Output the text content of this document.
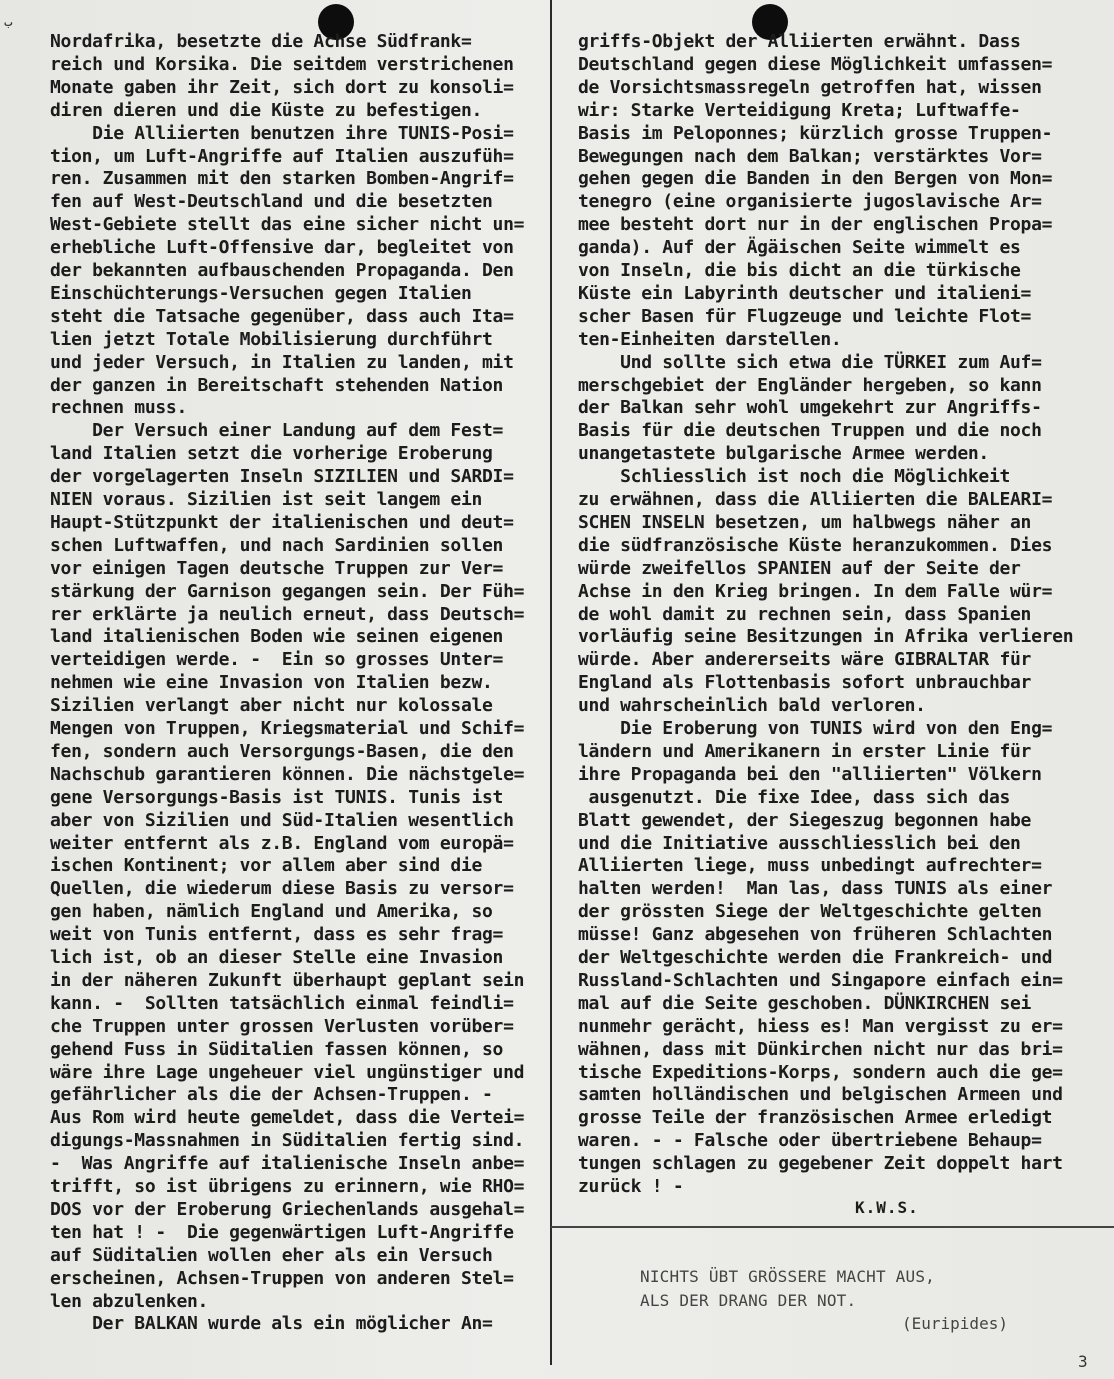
ب
Nordafrika, besetzte die Achse Südfrank=
reich und Korsika. Die seitdem verstrichenen
Monate gaben ihr Zeit, sich dort zu konsoli=
diren dieren und die Küste zu befestigen.
Die Alliierten benutzen ihre TUNIS-Posi=
tion, um Luft-Angriffe auf Italien auszufüh=
ren. Zusammen mit den starken Bomben-Angrif=
fen auf West-Deutschland und die besetzten
West-Gebiete stellt das eine sicher nicht un=
erhebliche Luft-Offensive dar, begleitet von
der bekannten aufbauschenden Propaganda. Den
Einschüchterungs-Versuchen gegen Italien
steht die Tatsache gegenüber, dass auch Ita=
lien jetzt Totale Mobilisierung durchführt
und jeder Versuch, in Italien zu landen, mit
der ganzen in Bereitschaft stehenden Nation
rechnen muss.
Der Versuch einer Landung auf dem Fest=
land Italien setzt die vorherige Eroberung
der vorgelagerten Inseln SIZILIEN und SARDI=
NIEN voraus. Sizilien ist seit langem ein
Haupt-Stützpunkt der italienischen und deut=
schen Luftwaffen, und nach Sardinien sollen
vor einigen Tagen deutsche Truppen zur Ver=
stärkung der Garnison gegangen sein. Der Füh=
rer erklärte ja neulich erneut, dass Deutsch=
land italienischen Boden wie seinen eigenen
verteidigen werde. -  Ein so grosses Unter=
nehmen wie eine Invasion von Italien bezw.
Sizilien verlangt aber nicht nur kolossale
Mengen von Truppen, Kriegsmaterial und Schif=
fen, sondern auch Versorgungs-Basen, die den
Nachschub garantieren können. Die nächstgele=
gene Versorgungs-Basis ist TUNIS. Tunis ist
aber von Sizilien und Süd-Italien wesentlich
weiter entfernt als z.B. England vom europä=
ischen Kontinent; vor allem aber sind die
Quellen, die wiederum diese Basis zu versor=
gen haben, nämlich England und Amerika, so
weit von Tunis entfernt, dass es sehr frag=
lich ist, ob an dieser Stelle eine Invasion
in der näheren Zukunft überhaupt geplant sein
kann. -  Sollten tatsächlich einmal feindli=
che Truppen unter grossen Verlusten vorüber=
gehend Fuss in Süditalien fassen können, so
wäre ihre Lage ungeheuer viel ungünstiger und
gefährlicher als die der Achsen-Truppen. -
Aus Rom wird heute gemeldet, dass die Vertei=
digungs-Massnahmen in Süditalien fertig sind.
-  Was Angriffe auf italienische Inseln anbe=
trifft, so ist übrigens zu erinnern, wie RHO=
DOS vor der Eroberung Griechenlands ausgehal=
ten hat ! -  Die gegenwärtigen Luft-Angriffe
auf Süditalien wollen eher als ein Versuch
erscheinen, Achsen-Truppen von anderen Stel=
len abzulenken.
Der BALKAN wurde als ein möglicher An=
griffs-Objekt der Alliierten erwähnt. Dass
Deutschland gegen diese Möglichkeit umfassen=
de Vorsichtsmassregeln getroffen hat, wissen
wir: Starke Verteidigung Kreta; Luftwaffe-
Basis im Peloponnes; kürzlich grosse Truppen-
Bewegungen nach dem Balkan; verstärktes Vor=
gehen gegen die Banden in den Bergen von Mon=
tenegro (eine organisierte jugoslavische Ar=
mee besteht dort nur in der englischen Propa=
ganda). Auf der Ägäischen Seite wimmelt es
von Inseln, die bis dicht an die türkische
Küste ein Labyrinth deutscher und italieni=
scher Basen für Flugzeuge und leichte Flot=
ten-Einheiten darstellen.
Und sollte sich etwa die TÜRKEI zum Auf=
merschgebiet der Engländer hergeben, so kann
der Balkan sehr wohl umgekehrt zur Angriffs-
Basis für die deutschen Truppen und die noch
unangetastete bulgarische Armee werden.
Schliesslich ist noch die Möglichkeit
zu erwähnen, dass die Alliierten die BALEARI=
SCHEN INSELN besetzen, um halbwegs näher an
die südfranzösische Küste heranzukommen. Dies
würde zweifellos SPANIEN auf der Seite der
Achse in den Krieg bringen. In dem Falle wür=
de wohl damit zu rechnen sein, dass Spanien
vorläufig seine Besitzungen in Afrika verlieren
würde. Aber andererseits wäre GIBRALTAR für
England als Flottenbasis sofort unbrauchbar
und wahrscheinlich bald verloren.
Die Eroberung von TUNIS wird von den Eng=
ländern und Amerikanern in erster Linie für
ihre Propaganda bei den "alliierten" Völkern
ausgenutzt. Die fixe Idee, dass sich das
Blatt gewendet, der Siegeszug begonnen habe
und die Initiative ausschliesslich bei den
Alliierten liege, muss unbedingt aufrechter=
halten werden!  Man las, dass TUNIS als einer
der grössten Siege der Weltgeschichte gelten
müsse! Ganz abgesehen von früheren Schlachten
der Weltgeschichte werden die Frankreich- und
Russland-Schlachten und Singapore einfach ein=
mal auf die Seite geschoben. DÜNKIRCHEN sei
nunmehr gerächt, hiess es! Man vergisst zu er=
wähnen, dass mit Dünkirchen nicht nur das bri=
tische Expeditions-Korps, sondern auch die ge=
samten holländischen und belgischen Armeen und
grosse Teile der französischen Armee erledigt
waren. - - Falsche oder übertriebene Behaup=
tungen schlagen zu gegebener Zeit doppelt hart
zurück ! -
K.W.S.
NICHTS ÜBT GRÖSSERE MACHT AUS,
ALS DER DRANG DER NOT.
(Euripides)
3
